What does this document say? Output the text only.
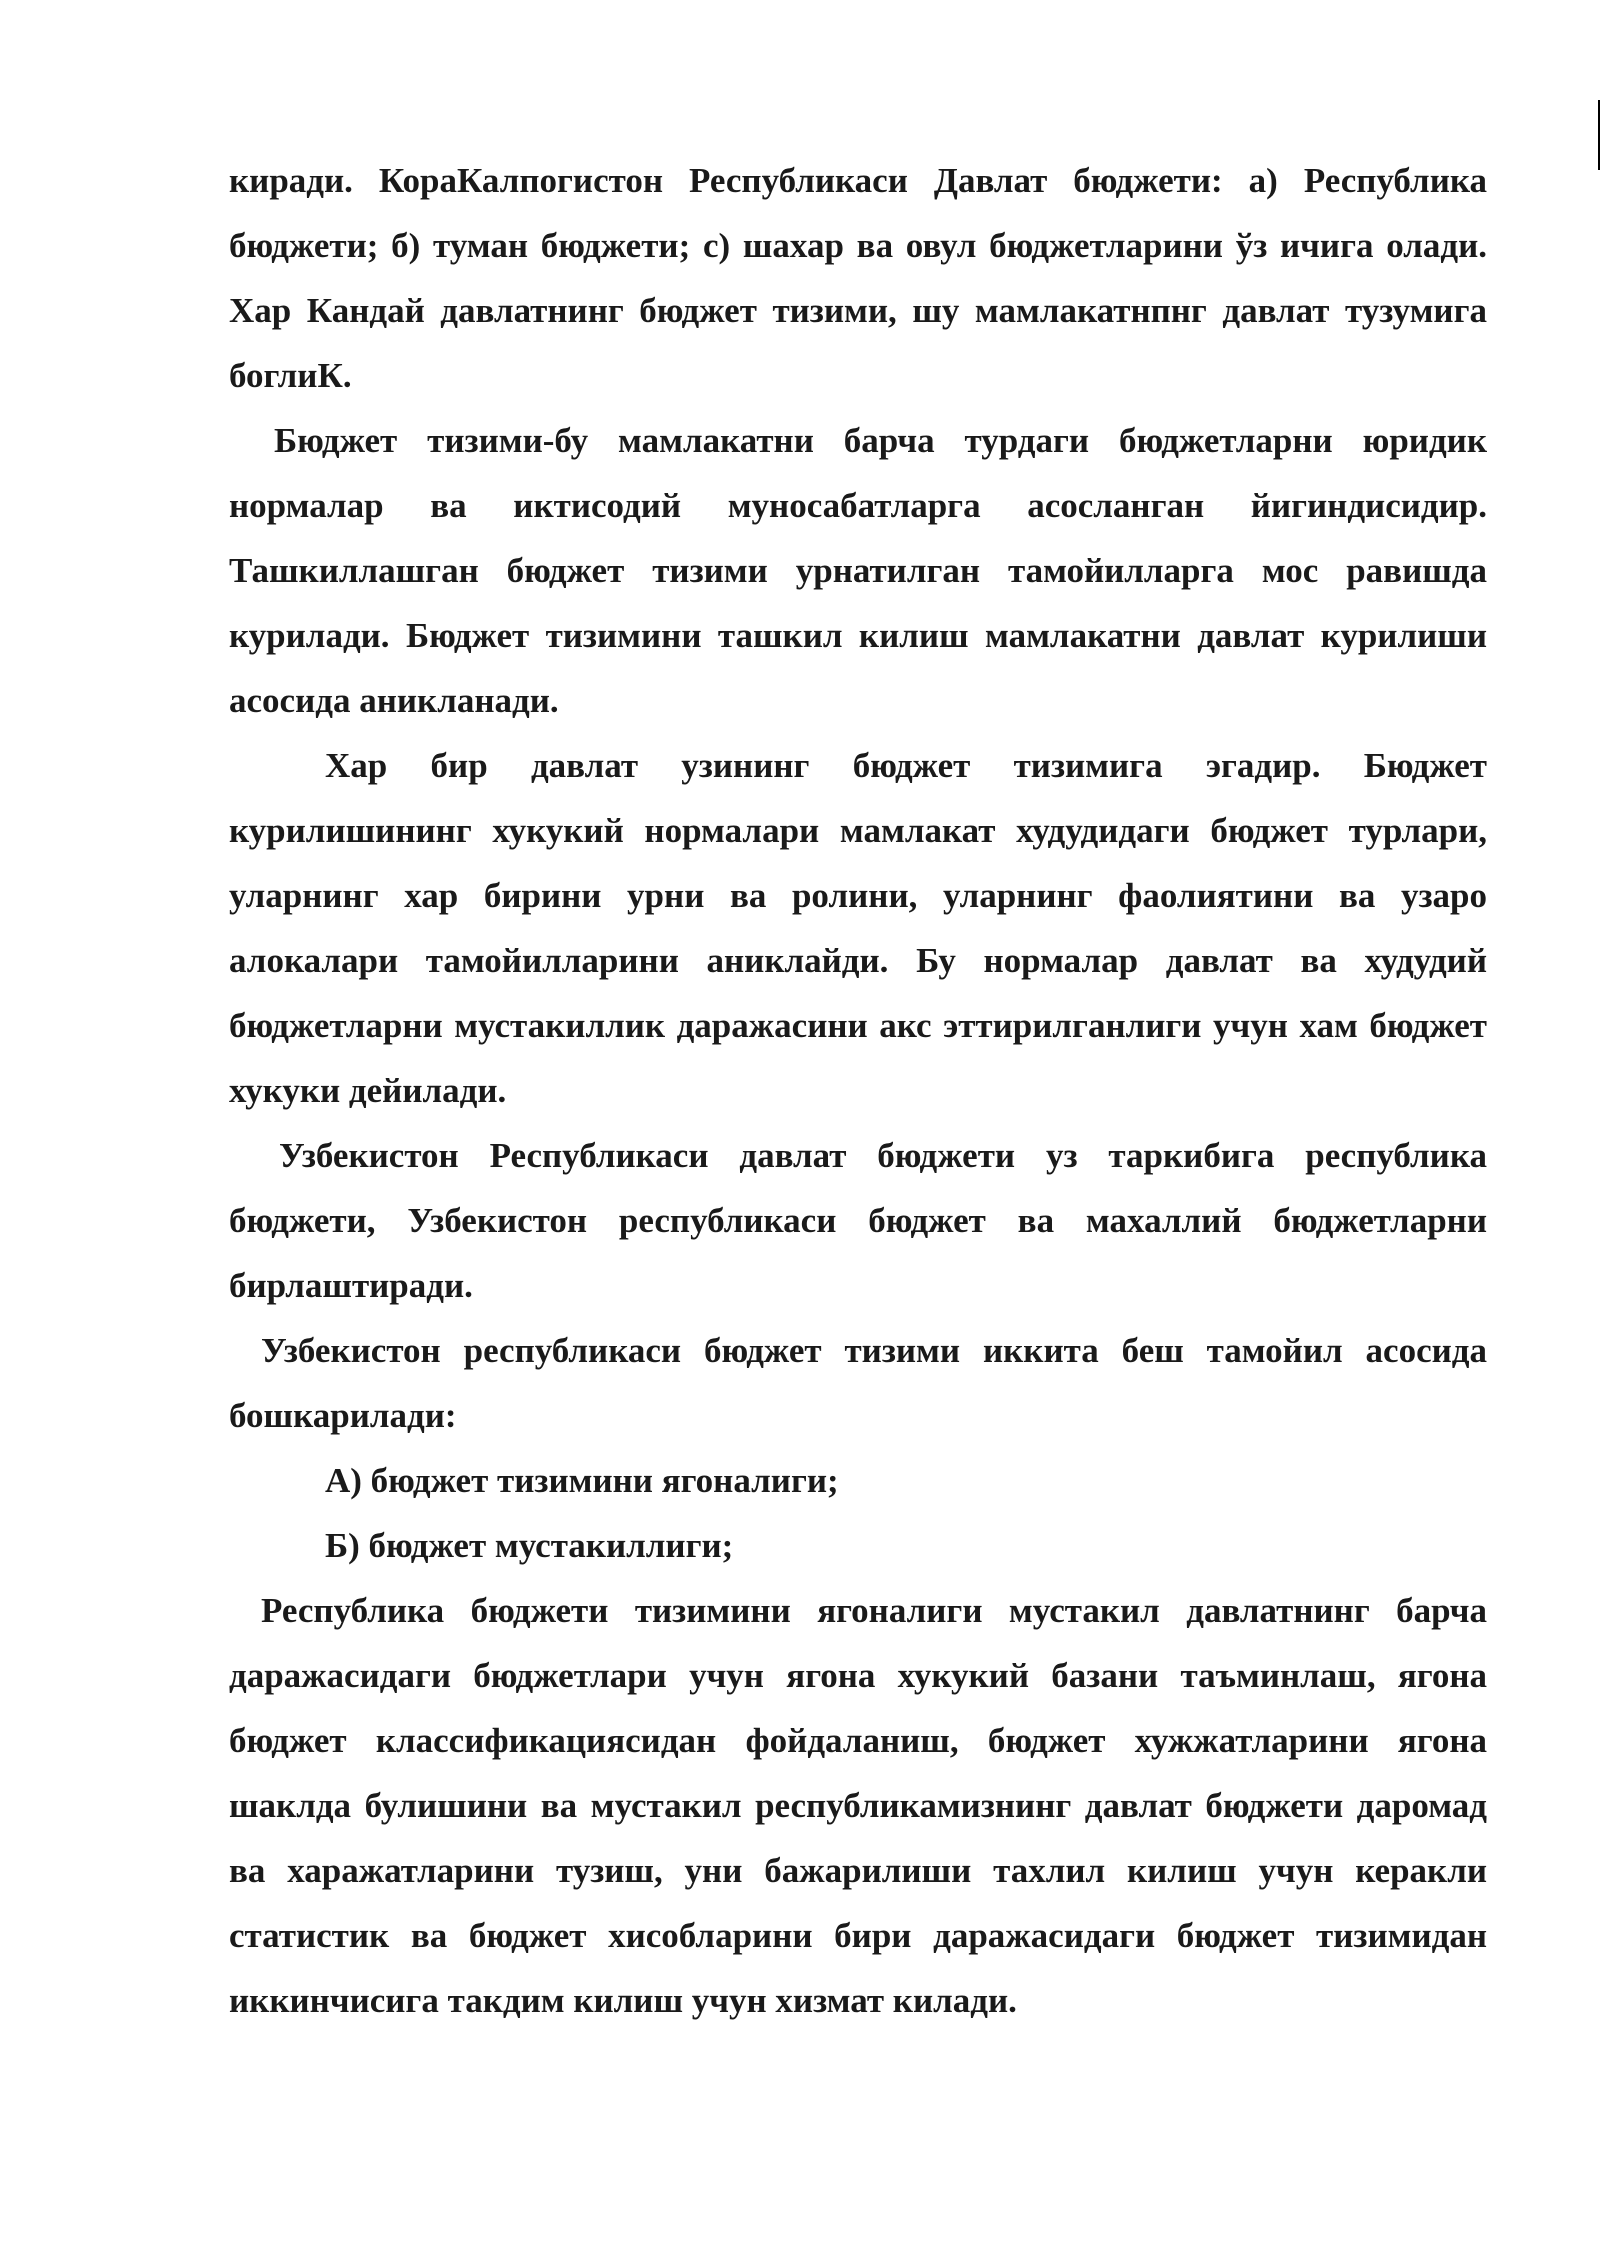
киради. КораКалпогистон Республикаси Давлат бюджети: а) Республика бюджети; б) туман бюджети; с) шахар ва овул бюджетларини ўз ичига олади. Хар Кандай давлатнинг бюджет тизими, шу мамлакатнпнг давлат тузумига боглиК.

Бюджет тизими-бу мамлакатни барча турдаги бюджетларни юридик нормалар ва иктисодий муносабатларга асосланган йигиндисидир. Ташкиллашган бюджет тизими урнатилган тамойилларга мос равишда курилади. Бюджет тизимини ташкил килиш мамлакатни давлат курилиши асосида аникланади.

Хар бир давлат узининг бюджет тизимига эгадир. Бюджет курилишининг хукукий нормалари мамлакат худудидаги бюджет турлари, уларнинг хар бирини урни ва ролини, уларнинг фаолиятини ва узаро алокалари тамойилларини аниклайди. Бу нормалар давлат ва худудий бюджетларни мустакиллик даражасини акс эттирилганлиги учун хам бюджет хукуки дейилади.

Узбекистон Республикаси давлат бюджети уз таркибига республика бюджети, Узбекистон республикаси бюджет ва махаллий бюджетларни бирлаштиради.

Узбекистон республикаси бюджет тизими иккита беш тамойил асосида бошкарилади:

А) бюджет тизимини ягоналиги;

Б) бюджет мустакиллиги;

Республика бюджети тизимини ягоналиги мустакил давлатнинг барча даражасидаги бюджетлари учун ягона хукукий базани таъминлаш, ягона бюджет классификациясидан фойдаланиш, бюджет хужжатларини ягона шаклда булишини ва мустакил республикамизнинг давлат бюджети даромад ва харажатларини тузиш, уни бажарилиши тахлил килиш учун керакли статистик ва бюджет хисобларини бири даражасидаги бюджет тизимидан иккинчисига такдим килиш учун хизмат килади.
